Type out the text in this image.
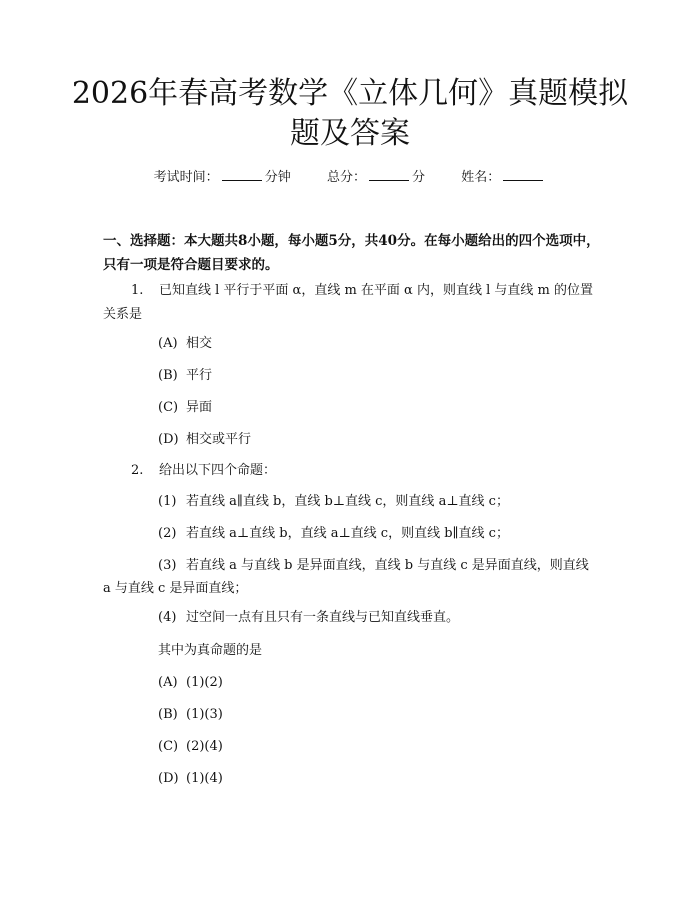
2026年春高考数学《立体几何》真题模拟题及答案
考试时间：	分钟	总分：	分	姓名：
一、选择题：本大题共8小题，每小题5分，共40分。在每小题给出的四个选项中，只有一项是符合题目要求的。
1. 已知直线 l 平行于平面 α，直线 m 在平面 α 内，则直线 l 与直线 m 的位置
关系是
(A) 相交
(B) 平行
(C) 异面
(D) 相交或平行
2. 给出以下四个命题：
(1) 若直线 a∥直线 b，直线 b⊥直线 c，则直线 a⊥直线 c；
(2) 若直线 a⊥直线 b，直线 a⊥直线 c，则直线 b∥直线 c；
(3) 若直线 a 与直线 b 是异面直线，直线 b 与直线 c 是异面直线，则直线
a 与直线 c 是异面直线；
(4) 过空间一点有且只有一条直线与已知直线垂直。
其中为真命题的是
(A) (1)(2)
(B) (1)(3)
(C) (2)(4)
(D) (1)(4)
